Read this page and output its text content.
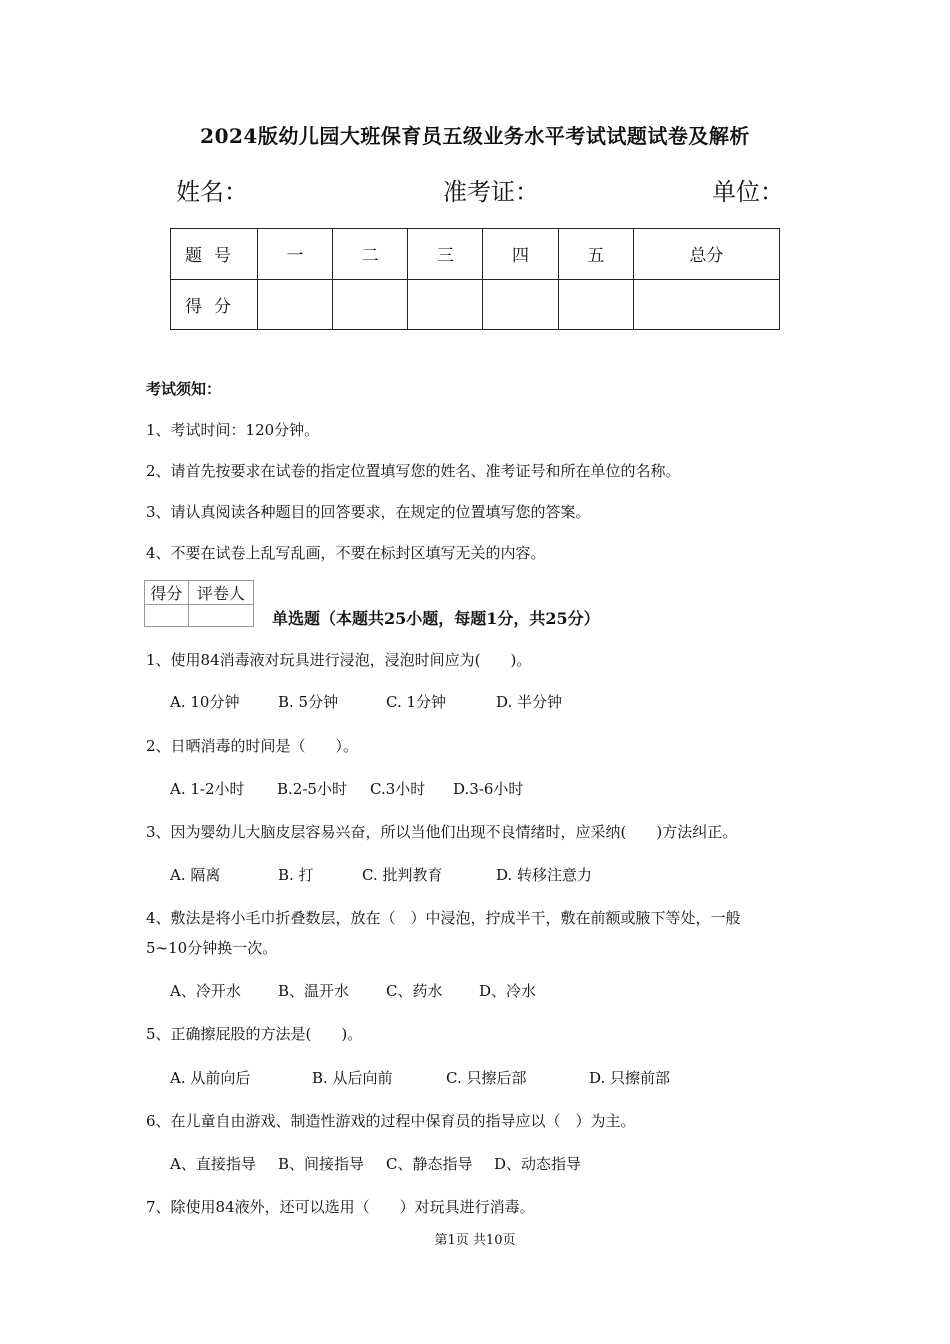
2024版幼儿园大班保育员五级业务水平考试试题试卷及解析
姓名：	准考证：	单位：
题号	一	二	三	四	五	总分
得分						
考试须知：
1、考试时间：120分钟。
2、请首先按要求在试卷的指定位置填写您的姓名、准考证号和所在单位的名称。
3、请认真阅读各种题目的回答要求，在规定的位置填写您的答案。
4、不要在试卷上乱写乱画，不要在标封区填写无关的内容。
得分	评卷人

单选题（本题共25小题，每题1分，共25分）
1、使用84消毒液对玩具进行浸泡，浸泡时间应为(　　)。
A. 10分钟	B. 5分钟	C. 1分钟	D. 半分钟
2、日晒消毒的时间是（　　）。
A. 1-2小时 B.2-5小时 C.3小时 D.3-6小时
3、因为婴幼儿大脑皮层容易兴奋，所以当他们出现不良情绪时，应采纳(　　)方法纠正。
A. 隔离	B. 打	C. 批判教育	D. 转移注意力
4、敷法是将小毛巾折叠数层，放在（　）中浸泡，拧成半干，敷在前额或腋下等处，一般
5~10分钟换一次。
A、冷开水 B、温开水 C、药水 D、冷水
5、正确擦屁股的方法是(　　)。
A. 从前向后	B. 从后向前	C. 只擦后部	D. 只擦前部
6、在儿童自由游戏、制造性游戏的过程中保育员的指导应以（　）为主。
A、直接指导 B、间接指导 C、静态指导 D、动态指导
7、除使用84液外，还可以选用（　　）对玩具进行消毒。
第1页 共10页
